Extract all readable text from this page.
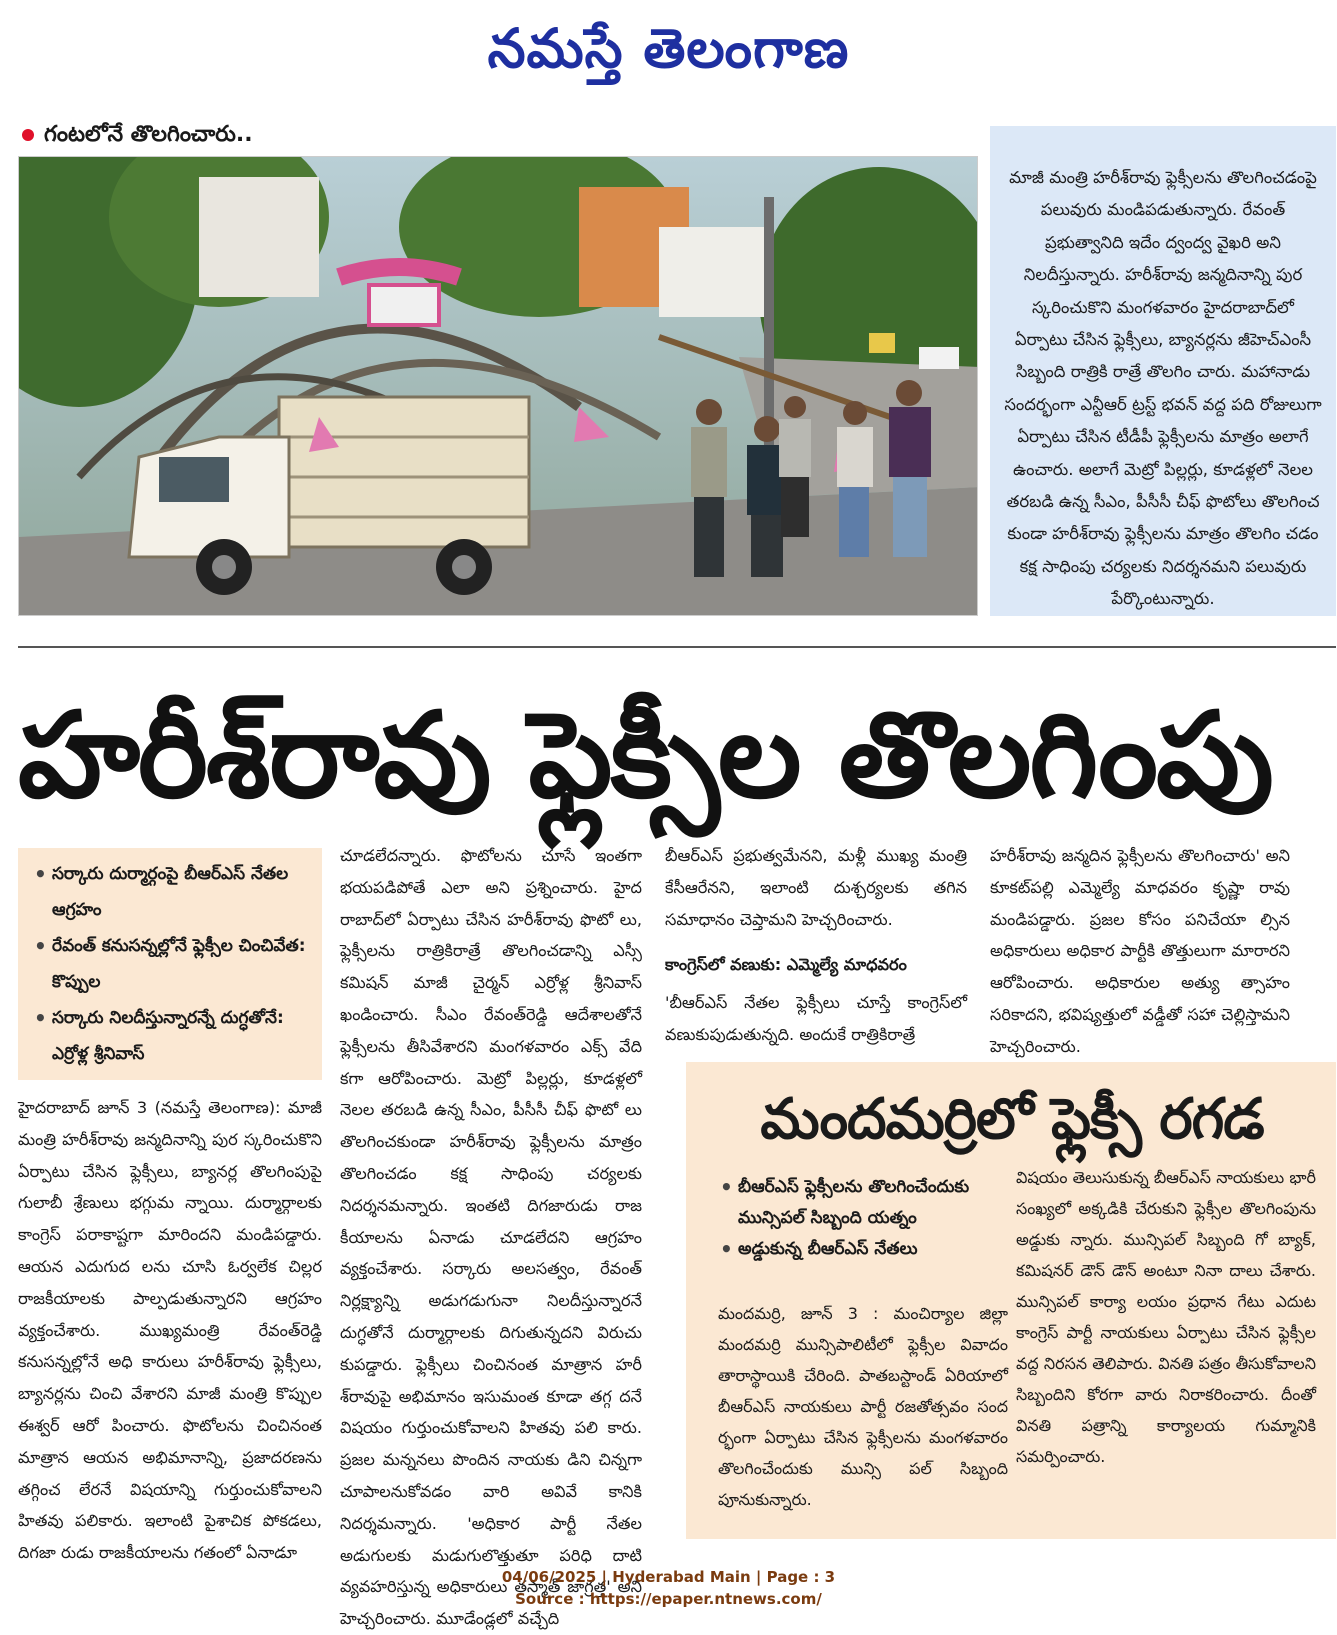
నమస్తే తెలంగాణ
గంటలోనే తొలగించారు..
మాజీ మంత్రి హరీశ్‌రావు ఫ్లెక్సీలను తొలగించడంపై పలువురు మండిపడుతున్నారు. రేవంత్ ప్రభుత్వానిది ఇదేం ద్వంద్వ వైఖరి అని నిలదీస్తున్నారు. హరీశ్‌రావు జన్మదినాన్ని పుర స్కరించుకొని మంగళవారం హైదరాబాద్‌లో ఏర్పాటు చేసిన ఫ్లెక్సీలు, బ్యానర్లను జీహెచ్‌ఎంసీ సిబ్బంది రాత్రికి రాత్రే తొలగిం చారు. మహానాడు సందర్భంగా ఎన్టీఆర్ ట్రస్ట్ భవన్ వద్ద పది రోజులుగా ఏర్పాటు చేసిన టీడీపీ ఫ్లెక్సీలను మాత్రం అలాగే ఉంచారు. అలాగే మెట్రో పిల్లర్లు, కూడళ్లలో నెలల తరబడి ఉన్న సీఎం, పీసీసీ చీఫ్ ఫొటోలు తొలగించ కుండా హరీశ్‌రావు ఫ్లెక్సీలను మాత్రం తొలగిం చడం కక్ష సాధింపు చర్యలకు నిదర్శనమని పలువురు పేర్కొంటున్నారు.
హరీశ్‌రావు ఫ్లెక్సీల తొలగింపు
• సర్కారు దుర్మార్గంపై బీఆర్‌ఎస్ నేతల ఆగ్రహం
• రేవంత్ కనుసన్నల్లోనే ఫ్లెక్సీల చించివేత: కొప్పుల
• సర్కారు నిలదీస్తున్నారన్నే దుగ్ధతోనే: ఎర్రోళ్ల శ్రీనివాస్

హైదరాబాద్ జూన్ 3 (నమస్తే తెలంగాణ): మాజీ మంత్రి హరీశ్‌రావు జన్మదినాన్ని పుర స్కరించుకొని ఏర్పాటు చేసిన ఫ్లెక్సీలు, బ్యానర్ల తొలగింపుపై గులాబీ శ్రేణులు భగ్గుమ న్నాయి. దుర్మార్గాలకు కాంగ్రెస్ పరాకాష్టగా మారిందని మండిపడ్డారు. ఆయన ఎదుగుద లను చూసి ఓర్వలేక చిల్లర రాజకీయాలకు పాల్పడుతున్నారని ఆగ్రహం వ్యక్తంచేశారు. ముఖ్యమంత్రి రేవంత్‌రెడ్డి కనుసన్నల్లోనే అధి కారులు హరీశ్‌రావు ఫ్లెక్సీలు, బ్యానర్లను చించి వేశారని మాజీ మంత్రి కొప్పుల ఈశ్వర్ ఆరో పించారు. ఫొటోలను చించినంత మాత్రాన ఆయన అభిమానాన్ని, ప్రజాదరణను తగ్గించ లేరనే విషయాన్ని గుర్తుంచుకోవాలని హితవు పలికారు. ఇలాంటి పైశాచిక పోకడలు, దిగజా రుడు రాజకీయాలను గతంలో ఏనాడూ

చూడలేదన్నారు. ఫొటోలను చూసే ఇంతగా భయపడిపోతే ఎలా అని ప్రశ్నించారు. హైద రాబాద్‌లో ఏర్పాటు చేసిన హరీశ్‌రావు ఫొటో లు, ఫ్లెక్సీలను రాత్రికిరాత్రే తొలగించడాన్ని ఎస్సీ కమిషన్ మాజీ చైర్మన్ ఎర్రోళ్ల శ్రీనివాస్ ఖండించారు. సీఎం రేవంత్‌రెడ్డి ఆదేశాలతోనే ఫ్లెక్సీలను తీసివేశారని మంగళవారం ఎక్స్ వేది కగా ఆరోపించారు. మెట్రో పిల్లర్లు, కూడళ్లలో నెలల తరబడి ఉన్న సీఎం, పీసీసీ చీఫ్ ఫొటో లు తొలగించకుండా హరీశ్‌రావు ఫ్లెక్సీలను మాత్రం తొలగించడం కక్ష సాధింపు చర్యలకు నిదర్శనమన్నారు. ఇంతటి దిగజారుడు రాజ కీయాలను ఏనాడు చూడలేదని ఆగ్రహం వ్యక్తంచేశారు. సర్కారు అలసత్వం, రేవంత్ నిర్లక్ష్యాన్ని అడుగడుగునా నిలదీస్తున్నారనే దుగ్ధతోనే దుర్మార్గాలకు దిగుతున్నదని విరుచు కుపడ్డారు. ఫ్లెక్సీలు చించినంత మాత్రాన హరీ శ్‌రావుపై అభిమానం ఇసుమంత కూడా తగ్గ దనే విషయం గుర్తుంచుకోవాలని హితవు పలి కారు. ప్రజల మన్ననలు పొందిన నాయకు డిని చిన్నగా చూపాలనుకోవడం వారి అవివే కానికి నిదర్శమన్నారు. 'అధికార పార్టీ నేతల అడుగులకు మడుగులొత్తుతూ పరిధి దాటి వ్యవహరిస్తున్న అధికారులు తస్మాత్ జాగ్రత్త' అని హెచ్చరించారు. మూడేండ్లలో వచ్చేది

బీఆర్‌ఎస్ ప్రభుత్వమేనని, మళ్లీ ముఖ్య మంత్రి కేసీఆరేనని, ఇలాంటి దుశ్చర్యలకు తగిన సమాధానం చెప్తామని హెచ్చరించారు.

కాంగ్రెస్‌లో వణుకు: ఎమ్మెల్యే మాధవరం

'బీఆర్‌ఎస్ నేతల ఫ్లెక్సీలు చూస్తే కాంగ్రెస్‌లో వణుకుపుడుతున్నది. అందుకే రాత్రికిరాత్రే

హరీశ్‌రావు జన్మదిన ఫ్లెక్సీలను తొలగించారు' అని కూకట్‌పల్లి ఎమ్మెల్యే మాధవరం కృష్ణా రావు మండిపడ్డారు. ప్రజల కోసం పనిచేయా ల్సిన అధికారులు అధికార పార్టీకి తొత్తులుగా మారారని ఆరోపించారు. అధికారుల అత్యు త్సాహం సరికాదని, భవిష్యత్తులో వడ్డీతో సహా చెల్లిస్తామని హెచ్చరించారు.

మందమర్రిలో ఫ్లెక్సీ రగడ
• బీఆర్‌ఎస్ ఫ్లెక్సీలను తొలగించేందుకు మున్సిపల్ సిబ్బంది యత్నం
• అడ్డుకున్న బీఆర్‌ఎస్ నేతలు

మందమర్రి, జూన్ 3 : మంచిర్యాల జిల్లా మందమర్రి మున్సిపాలిటీలో ఫ్లెక్సీల వివాదం తారాస్థాయికి చేరింది. పాతబస్టాండ్ ఏరియాలో బీఆర్‌ఎస్ నాయకులు పార్టీ రజతోత్సవం సంద ర్భంగా ఏర్పాటు చేసిన ఫ్లెక్సీలను మంగళవారం తొలగించేందుకు మున్సి పల్ సిబ్బంది పూనుకున్నారు.

విషయం తెలుసుకున్న బీఆర్‌ఎస్ నాయకులు భారీ సంఖ్యలో అక్కడికి చేరుకుని ఫ్లెక్సీల తొలగింపును అడ్డుకు న్నారు. మున్సిపల్ సిబ్బంది గో బ్యాక్, కమిషనర్ డౌన్ డౌన్ అంటూ నినా దాలు చేశారు. మున్సిపల్ కార్యా లయం ప్రధాన గేటు ఎదుట కాంగ్రెస్ పార్టీ నాయకులు ఏర్పాటు చేసిన ఫ్లెక్సీల వద్ద నిరసన తెలిపారు. వినతి పత్రం తీసుకోవాలని సిబ్బందిని కోరగా వారు నిరాకరించారు. దీంతో వినతి పత్రాన్ని కార్యాలయ గుమ్మానికి సమర్పించారు.

04/06/2025 | Hyderabad Main | Page : 3
Source : https://epaper.ntnews.com/
